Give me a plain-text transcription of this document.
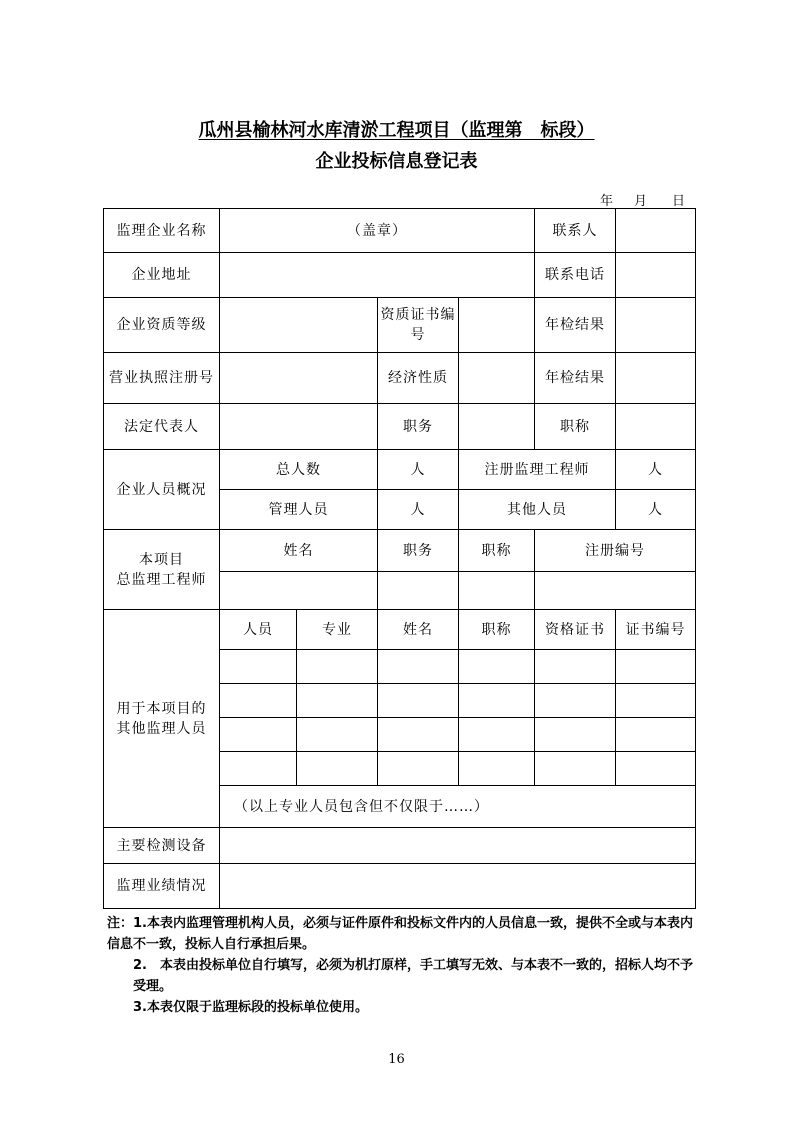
瓜州县榆林河水库清淤工程项目（监理第　标段）
企业投标信息登记表
年 月 日
监理企业名称	（盖章）				联系人	
企业地址					联系电话	
企业资质等级			资质证书编号		年检结果	
营业执照注册号			经济性质		年检结果	
法定代表人			职务		职称	
企业人员概况	总人数		人	注册监理工程师		人
	管理人员		人	其他人员		人
本项目
总监理工程师	姓名		职务	职称	注册编号	

用于本项目的
其他监理人员	人员	专业	姓名	职称	资格证书	证书编号

	（以上专业人员包含但不仅限于……）					
主要检测设备						
监理业绩情况						

注：1.本表内监理管理机构人员，必须与证件原件和投标文件内的人员信息一致，提供不全或与本表内信息不一致，投标人自行承担后果。

2.　本表由投标单位自行填写，必须为机打原样，手工填写无效、与本表不一致的，招标人均不予受理。

3.本表仅限于监理标段的投标单位使用。

16
